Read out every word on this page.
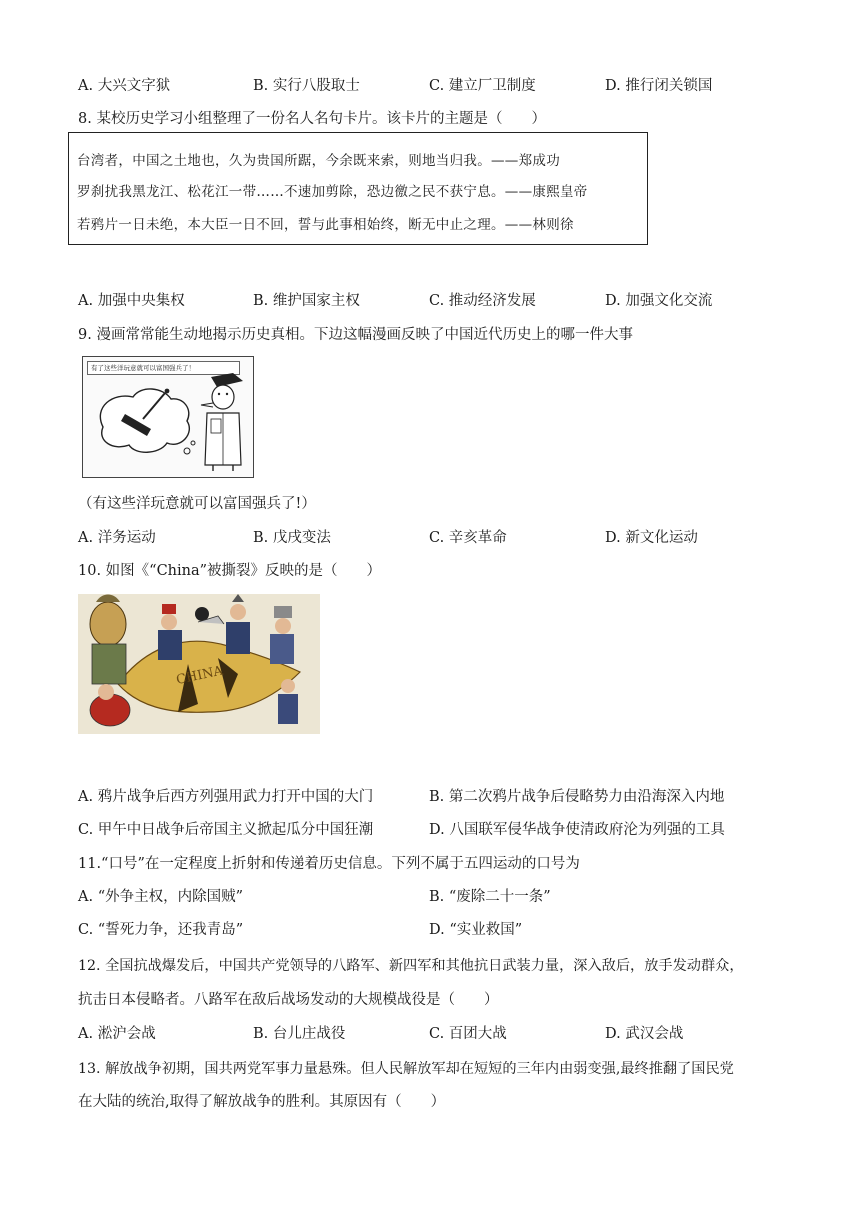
A. 大兴文字狱	B. 实行八股取士	C. 建立厂卫制度	D. 推行闭关锁国
8. 某校历史学习小组整理了一份名人名句卡片。该卡片的主题是（　　）
台湾者，中国之土地也，久为贵国所踞，今余既来索，则地当归我。——郑成功
罗刹扰我黑龙江、松花江一带……不速加剪除，恐边徼之民不获宁息。——康熙皇帝
若鸦片一日未绝，本大臣一日不回，誓与此事相始终，断无中止之理。——林则徐
A. 加强中央集权	B. 维护国家主权	C. 推动经济发展	D. 加强文化交流
9. 漫画常常能生动地揭示历史真相。下边这幅漫画反映了中国近代历史上的哪一件大事
有了这些洋玩意就可以富国强兵了！
（有这些洋玩意就可以富国强兵了!）
A. 洋务运动	B. 戊戌变法	C. 辛亥革命	D. 新文化运动
10. 如图《“China”被撕裂》反映的是（　　）
CHINA
A. 鸦片战争后西方列强用武力打开中国的大门	B. 第二次鸦片战争后侵略势力由沿海深入内地
C. 甲午中日战争后帝国主义掀起瓜分中国狂潮	D. 八国联军侵华战争使清政府沦为列强的工具
11.“口号”在一定程度上折射和传递着历史信息。下列不属于五四运动的口号为
A. “外争主权，内除国贼”	B. “废除二十一条”
C. “誓死力争，还我青岛”	D. “实业救国”
12. 全国抗战爆发后，中国共产党领导的八路军、新四军和其他抗日武装力量，深入敌后，放手发动群众，
抗击日本侵略者。八路军在敌后战场发动的大规模战役是（　　）
A. 淞沪会战	B. 台儿庄战役	C. 百团大战	D. 武汉会战
13. 解放战争初期，国共两党军事力量悬殊。但人民解放军却在短短的三年内由弱变强,最终推翻了国民党
在大陆的统治,取得了解放战争的胜利。其原因有（　　）
